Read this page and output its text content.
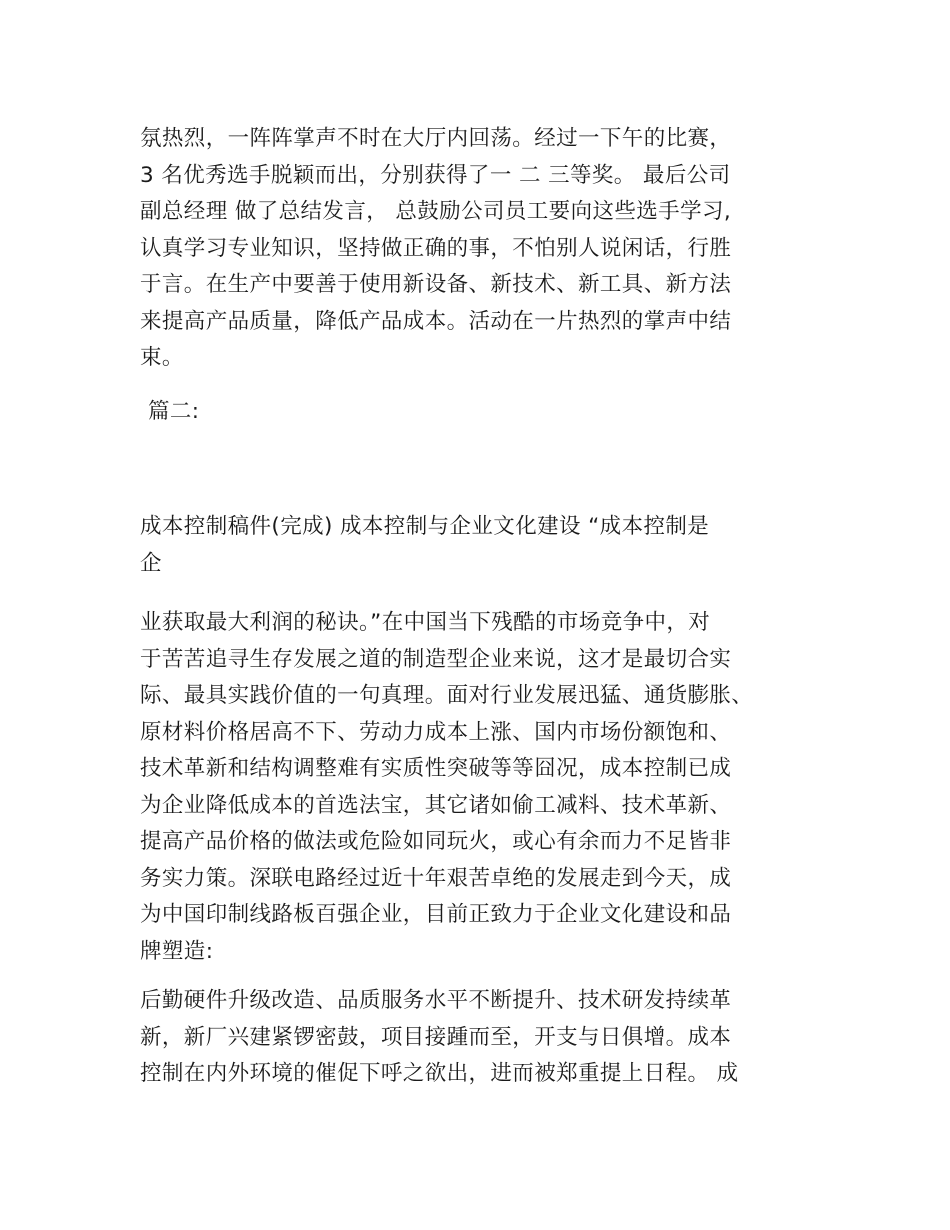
氛热烈，一阵阵掌声不时在大厅内回荡。经过一下午的比赛，
3 名优秀选手脱颖而出，分别获得了一 二 三等奖。 最后公司
副总经理 做了总结发言， 总鼓励公司员工要向这些选手学习,
认真学习专业知识，坚持做正确的事，不怕别人说闲话，行胜
于言。在生产中要善于使用新设备、新技术、新工具、新方法
来提高产品质量，降低产品成本。活动在一片热烈的掌声中结
束。
篇二:
成本控制稿件(完成) 成本控制与企业文化建设 “成本控制是
企
业获取最大利润的秘诀。”在中国当下残酷的市场竞争中，对
于苦苦追寻生存发展之道的制造型企业来说，这才是最切合实
际、最具实践价值的一句真理。面对行业发展迅猛、通货膨胀、
原材料价格居高不下、劳动力成本上涨、国内市场份额饱和、
技术革新和结构调整难有实质性突破等等囧况，成本控制已成
为企业降低成本的首选法宝，其它诸如偷工减料、技术革新、
提高产品价格的做法或危险如同玩火，或心有余而力不足皆非
务实力策。深联电路经过近十年艰苦卓绝的发展走到今天，成
为中国印制线路板百强企业，目前正致力于企业文化建设和品
牌塑造:
后勤硬件升级改造、品质服务水平不断提升、技术研发持续革
新，新厂兴建紧锣密鼓，项目接踵而至，开支与日俱增。成本
控制在内外环境的催促下呼之欲出，进而被郑重提上日程。 成
